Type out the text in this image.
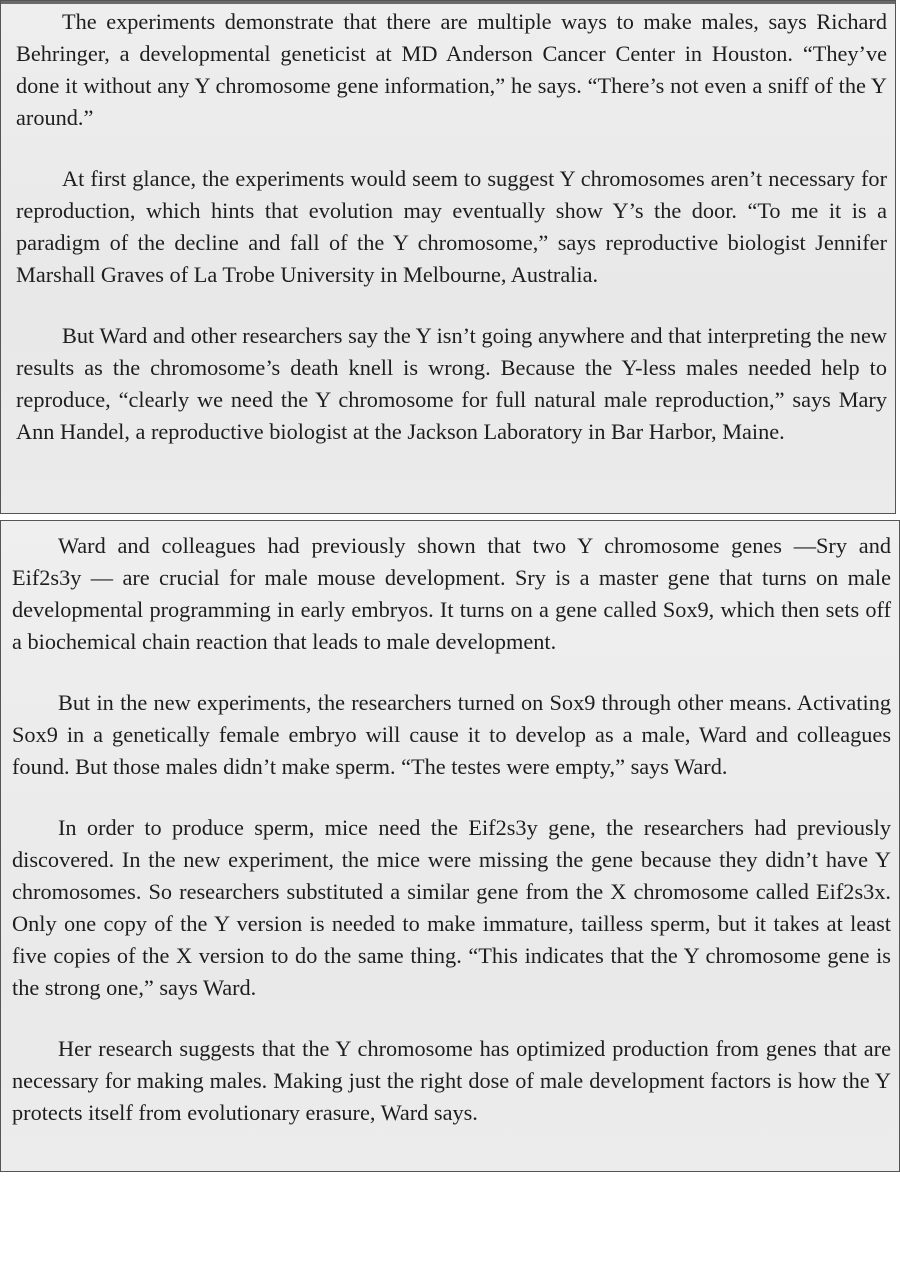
The experiments demonstrate that there are multiple ways to make males, says Richard Behringer, a developmental geneticist at MD Anderson Cancer Center in Houston. “They’ve done it without any Y chromosome gene information,” he says. “There’s not even a sniff of the Y around.”

At first glance, the experiments would seem to suggest Y chromosomes aren’t necessary for reproduction, which hints that evolution may eventually show Y’s the door. “To me it is a paradigm of the decline and fall of the Y chromosome,” says reproductive biologist Jennifer Marshall Graves of La Trobe University in Melbourne, Australia.

But Ward and other researchers say the Y isn’t going anywhere and that interpreting the new results as the chromosome’s death knell is wrong. Because the Y-less males needed help to reproduce, “clearly we need the Y chromosome for full natural male reproduction,” says Mary Ann Handel, a reproductive biologist at the Jackson Laboratory in Bar Harbor, Maine.

Ward and colleagues had previously shown that two Y chromosome genes —Sry and Eif2s3y — are crucial for male mouse development. Sry is a master gene that turns on male developmental programming in early embryos. It turns on a gene called Sox9, which then sets off a biochemical chain reaction that leads to male development.

But in the new experiments, the researchers turned on Sox9 through other means. Activating Sox9 in a genetically female embryo will cause it to develop as a male, Ward and colleagues found. But those males didn’t make sperm. “The testes were empty,” says Ward.

In order to produce sperm, mice need the Eif2s3y gene, the researchers had previously discovered. In the new experiment, the mice were missing the gene because they didn’t have Y chromosomes. So researchers substituted a similar gene from the X chromosome called Eif2s3x. Only one copy of the Y version is needed to make immature, tailless sperm, but it takes at least five copies of the X version to do the same thing. “This indicates that the Y chromosome gene is the strong one,” says Ward.

Her research suggests that the Y chromosome has optimized production from genes that are necessary for making males. Making just the right dose of male development factors is how the Y protects itself from evolutionary erasure, Ward says.
